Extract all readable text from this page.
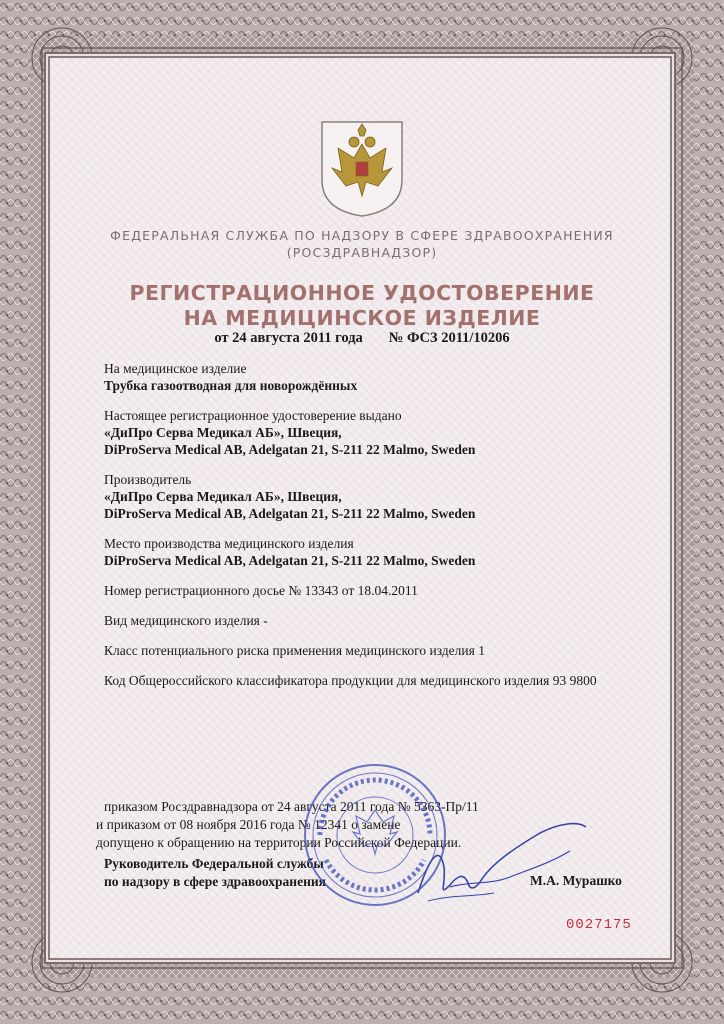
ФЕДЕРАЛЬНАЯ СЛУЖБА ПО НАДЗОРУ В СФЕРЕ ЗДРАВООХРАНЕНИЯ
(РОСЗДРАВНАДЗОР)
РЕГИСТРАЦИОННОЕ УДОСТОВЕРЕНИЕ
НА МЕДИЦИНСКОЕ ИЗДЕЛИЕ
от 24 августа 2011 года № ФСЗ 2011/10206
На медицинское изделие
Трубка газоотводная для новорождённых
Настоящее регистрационное удостоверение выдано
«ДиПро Серва Медикал АБ», Швеция,
DiProServa Medical AB, Adelgatan 21, S-211 22 Malmo, Sweden
Производитель
«ДиПро Серва Медикал АБ», Швеция,
DiProServa Medical AB, Adelgatan 21, S-211 22 Malmo, Sweden
Место производства медицинского изделия
DiProServa Medical AB, Adelgatan 21, S-211 22 Malmo, Sweden
Номер регистрационного досье № 13343 от 18.04.2011
Вид медицинского изделия -
Класс потенциального риска применения медицинского изделия 1
Код Общероссийского классификатора продукции для медицинского изделия 93 9800
приказом Росздравнадзора от 24 августа 2011 года № 5363-Пр/11
и приказом от 08 ноября 2016 года № 12341 о замене
допущено к обращению на территории Российской Федерации.
Руководитель Федеральной службы
по надзору в сфере здравоохранения	М.А. Мурашко
0027175
